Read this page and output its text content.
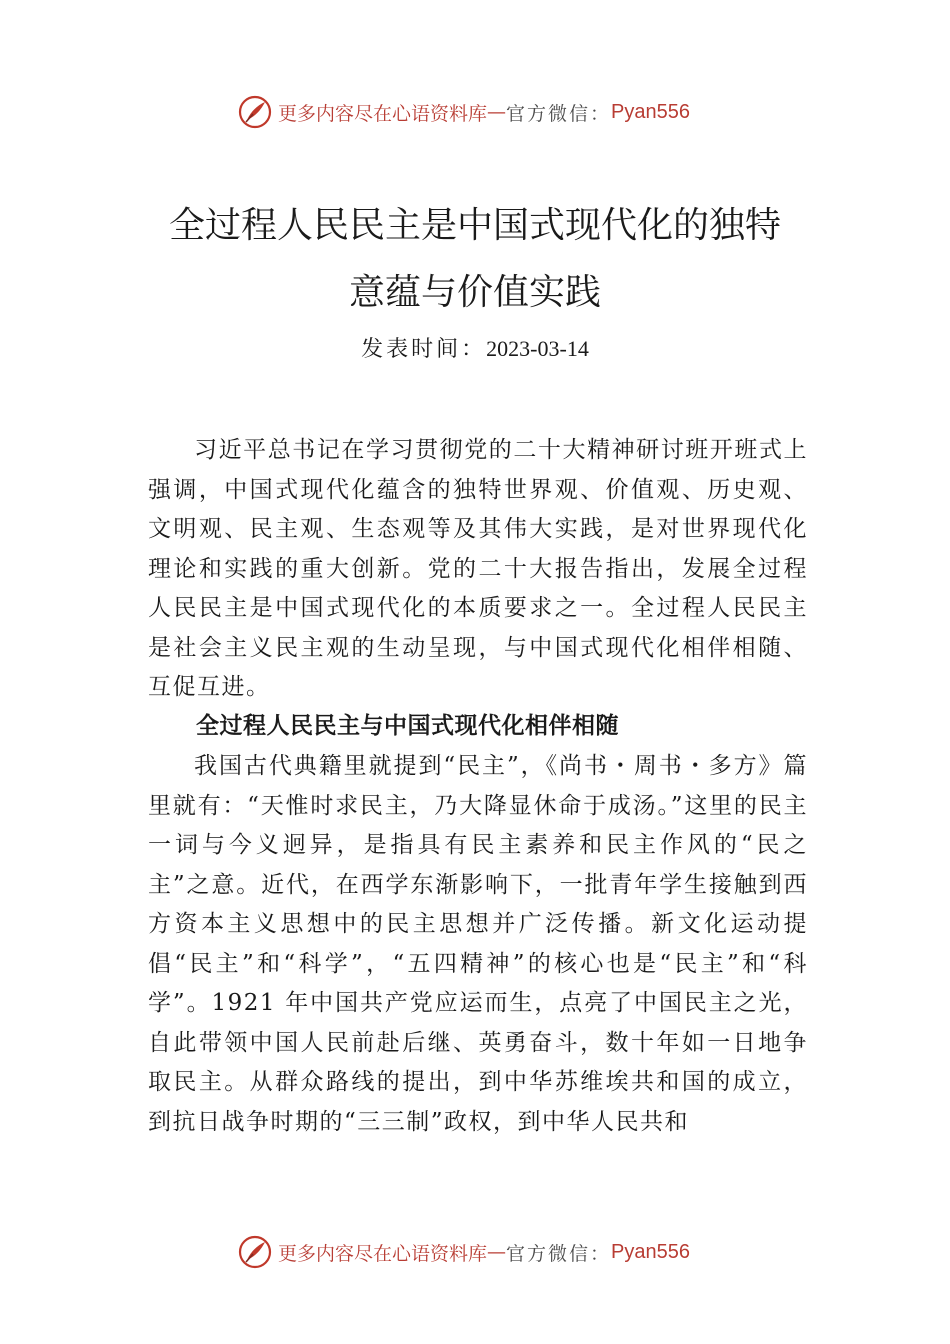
更多内容尽在心语资料库 — 官方微信： Pyan556
全过程人民民主是中国式现代化的独特
意蕴与价值实践
发表时间：2023-03-14

习近平总书记在学习贯彻党的二十大精神研讨班开班式上强调，中国式现代化蕴含的独特世界观、价值观、历史观、文明观、民主观、生态观等及其伟大实践，是对世界现代化理论和实践的重大创新。党的二十大报告指出，发展全过程人民民主是中国式现代化的本质要求之一。全过程人民民主是社会主义民主观的生动呈现，与中国式现代化相伴相随、互促互进。

全过程人民民主与中国式现代化相伴相随

我国古代典籍里就提到“民主”，《尚书・周书・多方》篇里就有：“天惟时求民主，乃大降显休命于成汤。”这里的民主一词与今义迥异，是指具有民主素养和民主作风的“民之主”之意。近代，在西学东渐影响下，一批青年学生接触到西方资本主义思想中的民主思想并广泛传播。新文化运动提倡“民主”和“科学”，“五四精神”的核心也是“民主”和“科学”。1921 年中国共产党应运而生，点亮了中国民主之光，自此带领中国人民前赴后继、英勇奋斗，数十年如一日地争取民主。从群众路线的提出，到中华苏维埃共和国的成立，到抗日战争时期的“三三制”政权，到中华人民共和

更多内容尽在心语资料库 — 官方微信： Pyan556
